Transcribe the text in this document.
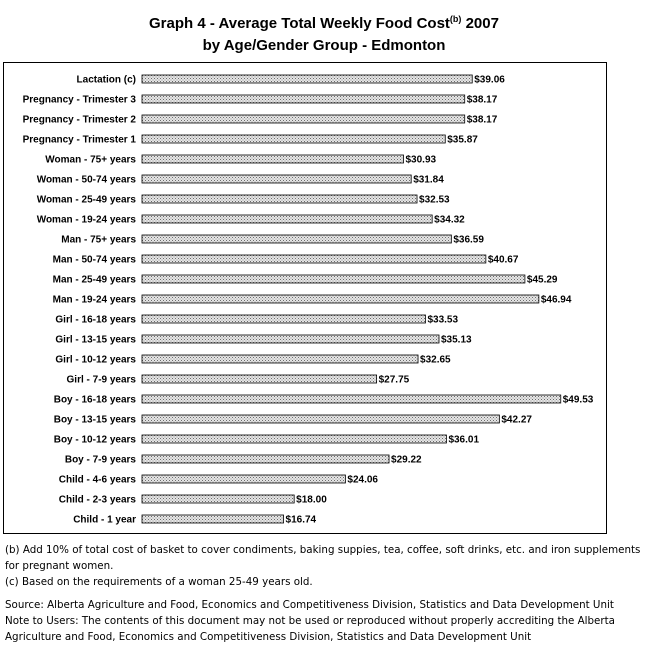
Graph 4 - Average Total Weekly Food Cost$^{(b)}$ 2007
by Age/Gender Group - Edmonton
Lactation (c)	$39.06
Pregnancy - Trimester 3	$38.17
Pregnancy - Trimester 2	$38.17
Pregnancy - Trimester 1	$35.87
Woman - 75+ years	$30.93
Woman - 50-74 years	$31.84
Woman - 25-49 years	$32.53
Woman - 19-24 years	$34.32
Man - 75+ years	$36.59
Man - 50-74 years	$40.67
Man - 25-49 years	$45.29
Man - 19-24 years	$46.94
Girl - 16-18 years	$33.53
Girl - 13-15 years	$35.13
Girl - 10-12 years	$32.65
Girl - 7-9 years	$27.75
Boy - 16-18 years	$49.53
Boy - 13-15 years	$42.27
Boy - 10-12 years	$36.01
Boy - 7-9 years	$29.22
Child - 4-6 years	$24.06
Child - 2-3 years	$18.00
Child - 1 year	$16.74

(b) Add 10% of total cost of basket to cover condiments, baking suppies, tea, coffee, soft drinks, etc. and iron supplements for pregnant women.

(c) Based on the requirements of a woman 25-49 years old.

Source: Alberta Agriculture and Food, Economics and Competitiveness Division, Statistics and Data Development Unit

Note to Users: The contents of this document may not be used or reproduced without properly accrediting the Alberta Agriculture and Food, Economics and Competitiveness Division, Statistics and Data Development Unit
